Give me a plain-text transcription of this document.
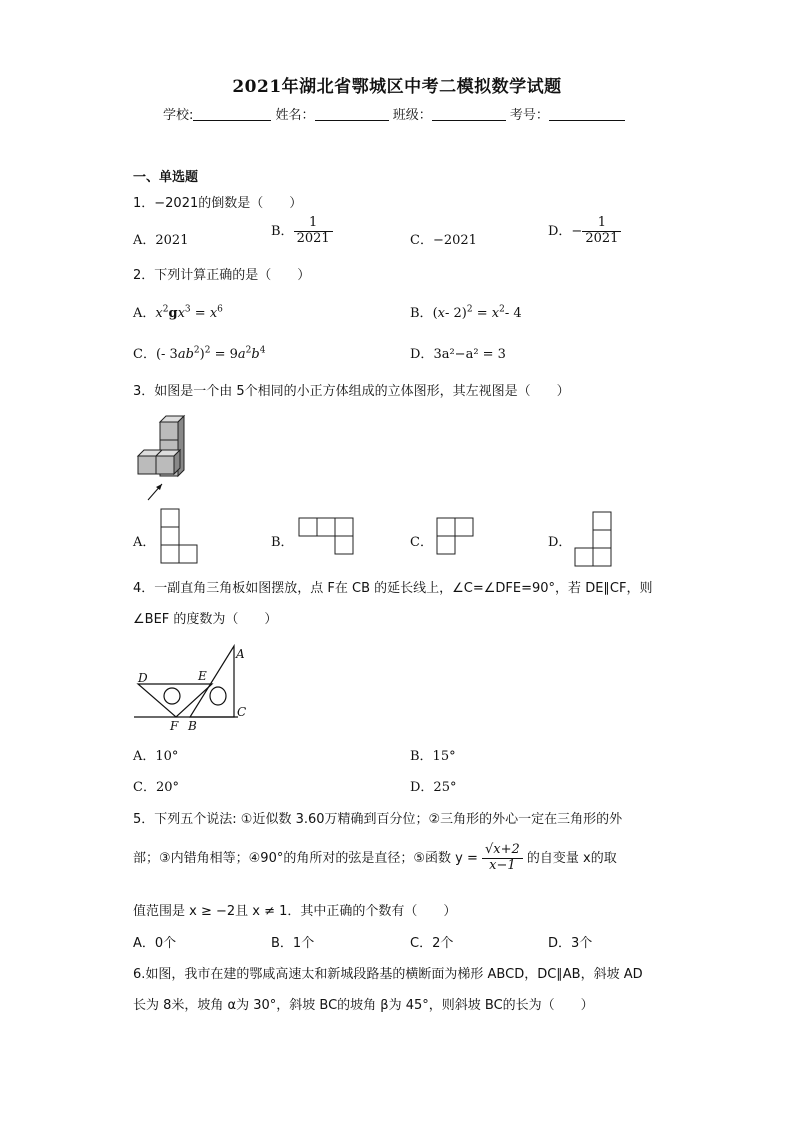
2021年湖北省鄂城区中考二模拟数学试题
学校:	姓名：	班级：	考号：
一、单选题
1．−2021的倒数是（　　）
A．2021
B． $\frac{1}{2021}$	C．−2021
D．− $\frac{1}{2021}$
2．下列计算正确的是（　　）
A．$x^2gx^3 = x^6$	B．(x- $2)^2 = x^2-$ 4
C．(- $3ab^2)^2 = 9a^2b^4$	D．3a²−a² = 3
3．如图是一个由 5个相同的小正方体组成的立体图形，其左视图是（　　）
A．	B．	C．	D．
4．一副直角三角板如图摆放，点 F在 CB 的延长线上，∠C=∠DFE=90°，若 DE∥CF，则
∠BEF 的度数为（　　）
A
B
C
D	E
F
A．10°	B．15°
C．20°	D．25°
5．下列五个说法: ①近似数 3.60万精确到百分位；②三角形的外心一定在三角形的外
部；③内错角相等；④90°的角所对的弦是直径；⑤函数 $y = \frac{√x+2}{x-1}$ 的自变量 x的取
值范围是 x ≥ −2且 x ≠ 1．其中正确的个数有（　　）
A．0个	B．1个	C．2个	D．3个
6.如图，我市在建的鄂咸高速太和新城段路基的横断面为梯形 ABCD，DC∥AB，斜坡 AD
长为 8米，坡角 α为 30°，斜坡 BC的坡角 β为 45°，则斜坡 BC的长为（　　）
